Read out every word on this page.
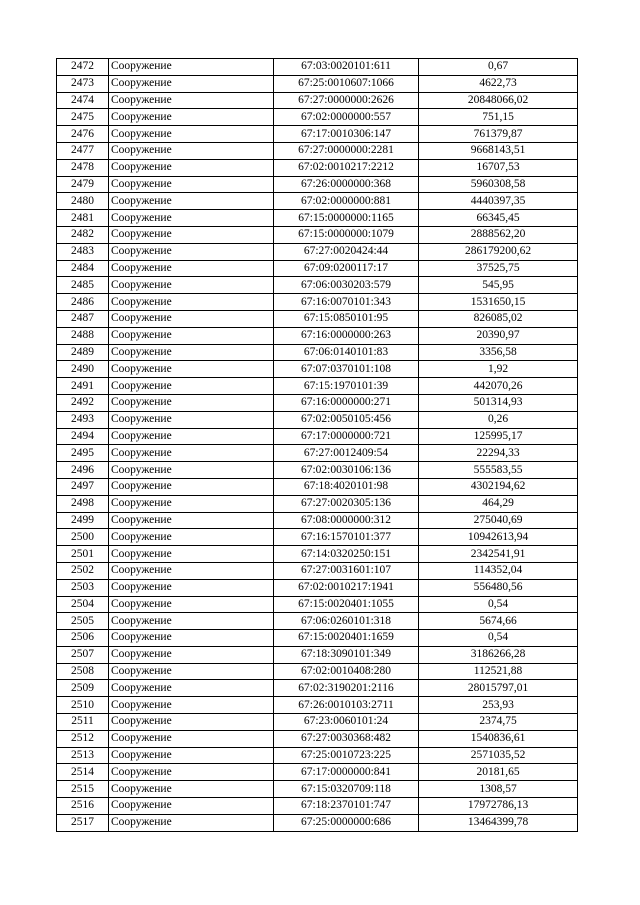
2472	Сооружение	67:03:0020101:611	0,67
2473	Сооружение	67:25:0010607:1066	4622,73
2474	Сооружение	67:27:0000000:2626	20848066,02
2475	Сооружение	67:02:0000000:557	751,15
2476	Сооружение	67:17:0010306:147	761379,87
2477	Сооружение	67:27:0000000:2281	9668143,51
2478	Сооружение	67:02:0010217:2212	16707,53
2479	Сооружение	67:26:0000000:368	5960308,58
2480	Сооружение	67:02:0000000:881	4440397,35
2481	Сооружение	67:15:0000000:1165	66345,45
2482	Сооружение	67:15:0000000:1079	2888562,20
2483	Сооружение	67:27:0020424:44	286179200,62
2484	Сооружение	67:09:0200117:17	37525,75
2485	Сооружение	67:06:0030203:579	545,95
2486	Сооружение	67:16:0070101:343	1531650,15
2487	Сооружение	67:15:0850101:95	826085,02
2488	Сооружение	67:16:0000000:263	20390,97
2489	Сооружение	67:06:0140101:83	3356,58
2490	Сооружение	67:07:0370101:108	1,92
2491	Сооружение	67:15:1970101:39	442070,26
2492	Сооружение	67:16:0000000:271	501314,93
2493	Сооружение	67:02:0050105:456	0,26
2494	Сооружение	67:17:0000000:721	125995,17
2495	Сооружение	67:27:0012409:54	22294,33
2496	Сооружение	67:02:0030106:136	555583,55
2497	Сооружение	67:18:4020101:98	4302194,62
2498	Сооружение	67:27:0020305:136	464,29
2499	Сооружение	67:08:0000000:312	275040,69
2500	Сооружение	67:16:1570101:377	10942613,94
2501	Сооружение	67:14:0320250:151	2342541,91
2502	Сооружение	67:27:0031601:107	114352,04
2503	Сооружение	67:02:0010217:1941	556480,56
2504	Сооружение	67:15:0020401:1055	0,54
2505	Сооружение	67:06:0260101:318	5674,66
2506	Сооружение	67:15:0020401:1659	0,54
2507	Сооружение	67:18:3090101:349	3186266,28
2508	Сооружение	67:02:0010408:280	112521,88
2509	Сооружение	67:02:3190201:2116	28015797,01
2510	Сооружение	67:26:0010103:2711	253,93
2511	Сооружение	67:23:0060101:24	2374,75
2512	Сооружение	67:27:0030368:482	1540836,61
2513	Сооружение	67:25:0010723:225	2571035,52
2514	Сооружение	67:17:0000000:841	20181,65
2515	Сооружение	67:15:0320709:118	1308,57
2516	Сооружение	67:18:2370101:747	17972786,13
2517	Сооружение	67:25:0000000:686	13464399,78
